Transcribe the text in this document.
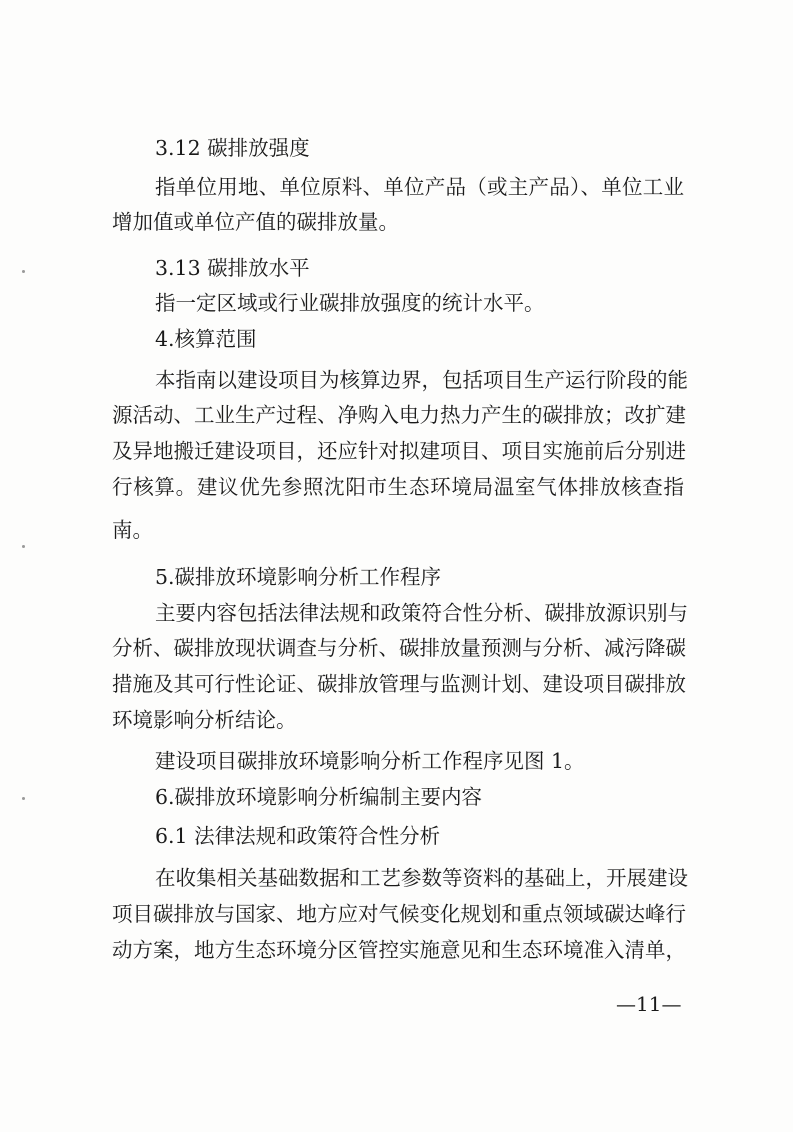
3.12 碳排放强度
指单位用地、单位原料、单位产品（或主产品）、单位工业
增加值或单位产值的碳排放量。
3.13 碳排放水平
指一定区域或行业碳排放强度的统计水平。
4.核算范围
本指南以建设项目为核算边界，包括项目生产运行阶段的能
源活动、工业生产过程、净购入电力热力产生的碳排放；改扩建
及异地搬迁建设项目，还应针对拟建项目、项目实施前后分别进
行核算。建议优先参照沈阳市生态环境局温室气体排放核查指
南。
5.碳排放环境影响分析工作程序
主要内容包括法律法规和政策符合性分析、碳排放源识别与
分析、碳排放现状调查与分析、碳排放量预测与分析、减污降碳
措施及其可行性论证、碳排放管理与监测计划、建设项目碳排放
环境影响分析结论。
建设项目碳排放环境影响分析工作程序见图 1。
6.碳排放环境影响分析编制主要内容
6.1 法律法规和政策符合性分析
在收集相关基础数据和工艺参数等资料的基础上，开展建设
项目碳排放与国家、地方应对气候变化规划和重点领域碳达峰行
动方案，地方生态环境分区管控实施意见和生态环境准入清单，
—11—
